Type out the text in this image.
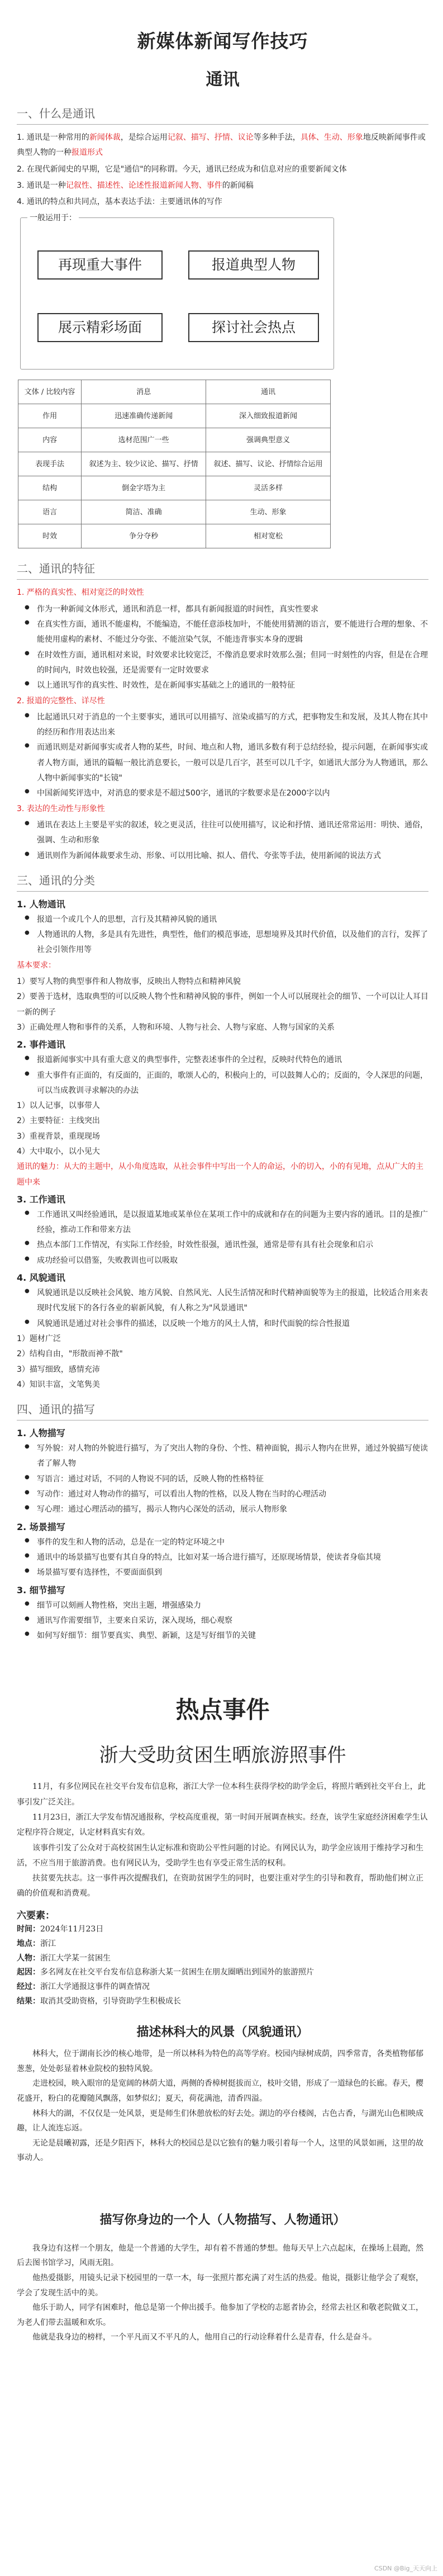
新媒体新闻写作技巧
通讯
一、什么是通讯

1. 通讯是一种常用的新闻体裁，是综合运用记叙、描写、抒情、议论等多种手法，具体、生动、形象地反映新闻事件或典型人物的一种报道形式

2. 在现代新闻史的早期，它是"通信"的同称谓。今天，通讯已经成为和信息对应的重要新闻文体

3. 通讯是一种记叙性、描述性、论述性报道新闻人物、事件的新闻稿

4. 通讯的特点和共同点，基本表达手法：主要通讯体的写作

一般运用于：
再现重大事件	报道典型人物
展示精彩场面	探讨社会热点
文体 / 比较内容	消息	通讯
作用	迅速准确传递新闻	深入细致报道新闻
内容	选材范围广一些	强调典型意义
表现手法	叙述为主、较少议论、描写、抒情	叙述、描写、议论、抒情综合运用
结构	倒金字塔为主	灵活多样
语言	简洁、准确	生动、形象
时效	争分夺秒	相对宽松
二、通讯的特征

1. 严格的真实性、相对宽泛的时效性

● 作为一种新闻文体形式，通讯和消息一样，都具有新闻报道的时间性，真实性要求
● 在真实性方面，通讯不能虚构，不能编造，不能任意添枝加叶，不能使用猜测的语言，要不能进行合理的想象、不能使用虚构的素材、不能过分夸张、不能渲染气氛，不能违背事实本身的逻辑
● 在时效性方面，通讯相对来说，时效要求比较宽泛，不像消息要求时效那么强；但同一时刻性的内容，但是在合理的时间内，时效也较强，还是需要有一定时效要求
● 以上通讯写作的真实性、时效性，是在新闻事实基础之上的通讯的一般特征

2. 报道的完整性、详尽性

● 比起通讯只对于消息的一个主要事实，通讯可以用描写、渲染或描写的方式，把事物发生和发展，及其人物在其中的经历和作用表达出来
● 而通讯则是对新闻事实或者人物的某些，时间、地点和人物，通讯多数有利于总结经验，提示问题，在新闻事实或者人物方面，通讯的篇幅一般比消息要长，一般可以是几百字，甚至可以几千字，如通讯大部分为人物通讯，那么人物中新闻事实的"长镜"
● 中国新闻奖评选中，对消息的要求是不超过500字，通讯的字数要求是在2000字以内

3. 表达的生动性与形象性

● 通讯在表达上主要是平实的叙述，较之更灵活，往往可以使用描写，议论和抒情、通讯还常常运用：明快、通俗，强调、生动和形象
● 通讯则作为新闻体裁要求生动、形象、可以用比喻、拟人、借代、夸张等手法，使用新闻的说法方式
三、通讯的分类

1. 人物通讯

● 报道一个或几个人的思想，言行及其精神风貌的通讯
● 人物通讯的人物，多是具有先进性，典型性，他们的模范事迹，思想境界及其时代价值，以及他们的言行，发挥了社会引领作用等

基本要求：

1）要写人物的典型事件和人物故事，反映出人物特点和精神风貌

2）要善于选材，选取典型的可以反映人物个性和精神风貌的事件，例如一个人可以展现社会的细节、一个可以让人耳目一新的例子

3）正确处理人物和事件的关系，人物和环境、人物与社会、人物与家庭、人物与国家的关系

2. 事件通讯

● 报道新闻事实中具有重大意义的典型事件，完整表述事件的全过程，反映时代特色的通讯
● 重大事件有正面的，有反面的，正面的，歌颂人心的，积极向上的，可以鼓舞人心的；反面的，令人深思的问题，可以当成教训寻求解决的办法

1）以人记事，以事带人

2）主要特征：主线突出

3）重视背景，重现现场

4）大中取小，以小见大

通讯的魅力：从大的主题中，从小角度选取，从社会事件中写出一个人的命运，小的切入，小的有见地，点从广大的主题中来

3. 工作通讯

● 工作通讯又叫经验通讯，是以报道某地或某单位在某项工作中的成就和存在的问题为主要内容的通讯。目的是推广经验，推动工作和带来方法
● 热点本部门工作情况，有实际工作经验，时效性很强，通讯性强，通常是带有具有社会现象和启示
● 成功经验可以借鉴，失败教训也可以吸取

4. 风貌通讯

● 风貌通讯是以反映社会风貌、地方风貌、自然风光、人民生活情况和时代精神面貌等为主的报道，比较适合用来表现时代发展下的各行各业的崭新风貌，有人称之为"风景通讯"
● 风貌通讯是通过对社会事件的描述，以反映一个地方的风土人情，和时代面貌的综合性报道

1）题材广泛

2）结构自由，"形散而神不散"

3）描写细致，感情充沛

4）知识丰富，文笔隽美

四、通讯的描写

1. 人物描写

● 写外貌：对人物的外貌进行描写，为了突出人物的身份、个性、精神面貌，揭示人物内在世界，通过外貌描写使读者了解人物
● 写语言：通过对话，不同的人物说不同的话，反映人物的性格特征
● 写动作：通过对人物动作的描写，可以看出人物的性格，以及人物在当时的心理活动
● 写心理：通过心理活动的描写，揭示人物内心深处的活动，展示人物形象

2. 场景描写

● 事件的发生和人物的活动，总是在一定的特定环境之中
● 通讯中的场景描写也要有其自身的特点，比如对某一场合进行描写，还原现场情景，使读者身临其境
● 场景描写要有选择性，不要面面俱到

3. 细节描写

● 细节可以刻画人物性格，突出主题，增强感染力
● 通讯写作需要细节，主要来自采访，深入现场，细心观察
● 如何写好细节：细节要真实、典型、新颖，这是写好细节的关键
热点事件
浙大受助贫困生晒旅游照事件

11月，有多位网民在社交平台发布信息称，浙江大学一位本科生获得学校的助学金后，将照片晒到社交平台上，此事引发广泛关注。

11月23日，浙江大学发布情况通报称，学校高度重视，第一时间开展调查核实。经查，该学生家庭经济困难学生认定程序符合规定，认定材料真实有效。

该事件引发了公众对于高校贫困生认定标准和资助公平性问题的讨论。有网民认为，助学金应该用于维持学习和生活，不应当用于旅游消费。也有网民认为，受助学生也有享受正常生活的权利。

扶贫要先扶志。这一事件再次提醒我们，在资助贫困学生的同时，也要注重对学生的引导和教育，帮助他们树立正确的价值观和消费观。

六要素：

时间：2024年11月23日

地点：浙江

人物：浙江大学某一贫困生

起因：多名网友在社交平台发布信息称浙大某一贫困生在朋友圈晒出到国外的旅游照片

经过：浙江大学通报这事件的调查情况

结果：取消其受助资格，引导资助学生积极成长

描述林科大的风景（风貌通讯）

林科大，位于湖南长沙的核心地带，是一所以林科为特色的高等学府。校园内绿树成荫，四季常青，各类植物郁郁葱葱，处处彰显着林业院校的独特风貌。

走进校园，映入眼帘的是宽阔的林荫大道，两侧的香樟树挺拔而立，枝叶交错，形成了一道绿色的长廊。春天，樱花盛开，粉白的花瓣随风飘落，如梦似幻；夏天，荷花满池，清香四溢。

林科大的湖，不仅仅是一处风景，更是师生们休憩放松的好去处。湖边的亭台楼阁，古色古香，与湖光山色相映成趣，让人流连忘返。

无论是晨曦初露，还是夕阳西下，林科大的校园总是以它独有的魅力吸引着每一个人，这里的风景如画，这里的故事动人。

描写你身边的一个人（人物描写、人物通讯）

我身边有这样一个朋友，他是一个普通的大学生，却有着不普通的梦想。他每天早上六点起床，在操场上晨跑，然后去图书馆学习，风雨无阻。

他热爱摄影，用镜头记录下校园里的一草一木，每一张照片都充满了对生活的热爱。他说，摄影让他学会了观察，学会了发现生活中的美。

他乐于助人，同学有困难时，他总是第一个伸出援手。他参加了学校的志愿者协会，经常去社区和敬老院做义工，为老人们带去温暖和欢乐。

他就是我身边的榜样，一个平凡而又不平凡的人，他用自己的行动诠释着什么是青春，什么是奋斗。

CSDN @Big_天天向上
